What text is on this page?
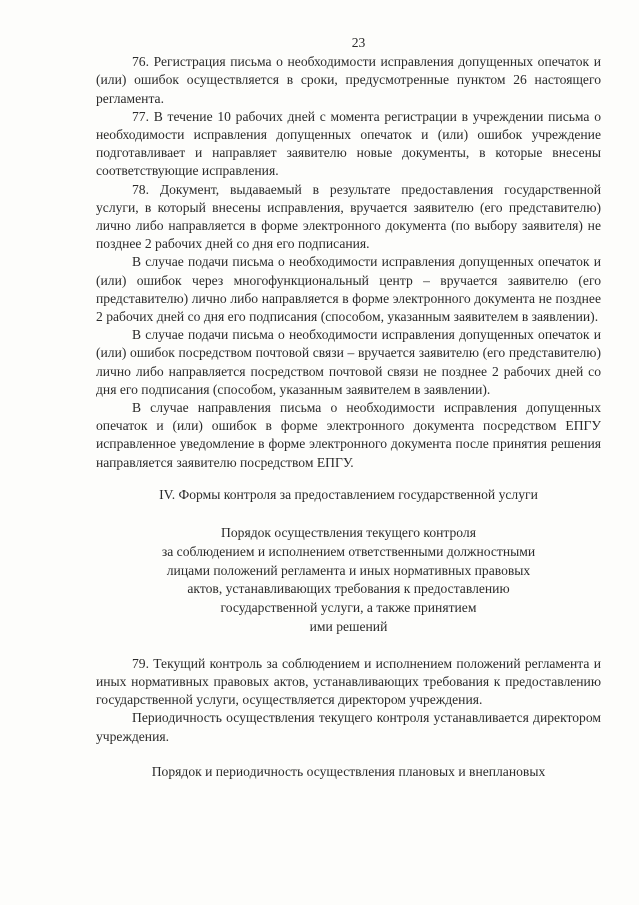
23

76. Регистрация письма о необходимости исправления допущенных опечаток и (или) ошибок осуществляется в сроки, предусмотренные пунктом 26 настоящего регламента.

77. В течение 10 рабочих дней с момента регистрации в учреждении письма о необходимости исправления допущенных опечаток и (или) ошибок учреждение подготавливает и направляет заявителю новые документы, в которые внесены соответствующие исправления.

78. Документ, выдаваемый в результате предоставления государственной услуги, в который внесены исправления, вручается заявителю (его представителю) лично либо направляется в форме электронного документа (по выбору заявителя) не позднее 2 рабочих дней со дня его подписания.

В случае подачи письма о необходимости исправления допущенных опечаток и (или) ошибок через многофункциональный центр – вручается заявителю (его представителю) лично либо направляется в форме электронного документа не позднее 2 рабочих дней со дня его подписания (способом, указанным заявителем в заявлении).

В случае подачи письма о необходимости исправления допущенных опечаток и (или) ошибок посредством почтовой связи – вручается заявителю (его представителю) лично либо направляется посредством почтовой связи не позднее 2 рабочих дней со дня его подписания (способом, указанным заявителем в заявлении).

В случае направления письма о необходимости исправления допущенных опечаток и (или) ошибок в форме электронного документа посредством ЕПГУ исправленное уведомление в форме электронного документа после принятия решения направляется заявителю посредством ЕПГУ.

IV. Формы контроля за предоставлением государственной услуги
Порядок осуществления текущего контроля
за соблюдением и исполнением ответственными должностными
лицами положений регламента и иных нормативных правовых
актов, устанавливающих требования к предоставлению
государственной услуги, а также принятием
ими решений

79. Текущий контроль за соблюдением и исполнением положений регламента и иных нормативных правовых актов, устанавливающих требования к предоставлению государственной услуги, осуществляется директором учреждения.

Периодичность осуществления текущего контроля устанавливается директором учреждения.

Порядок и периодичность осуществления плановых и внеплановых
